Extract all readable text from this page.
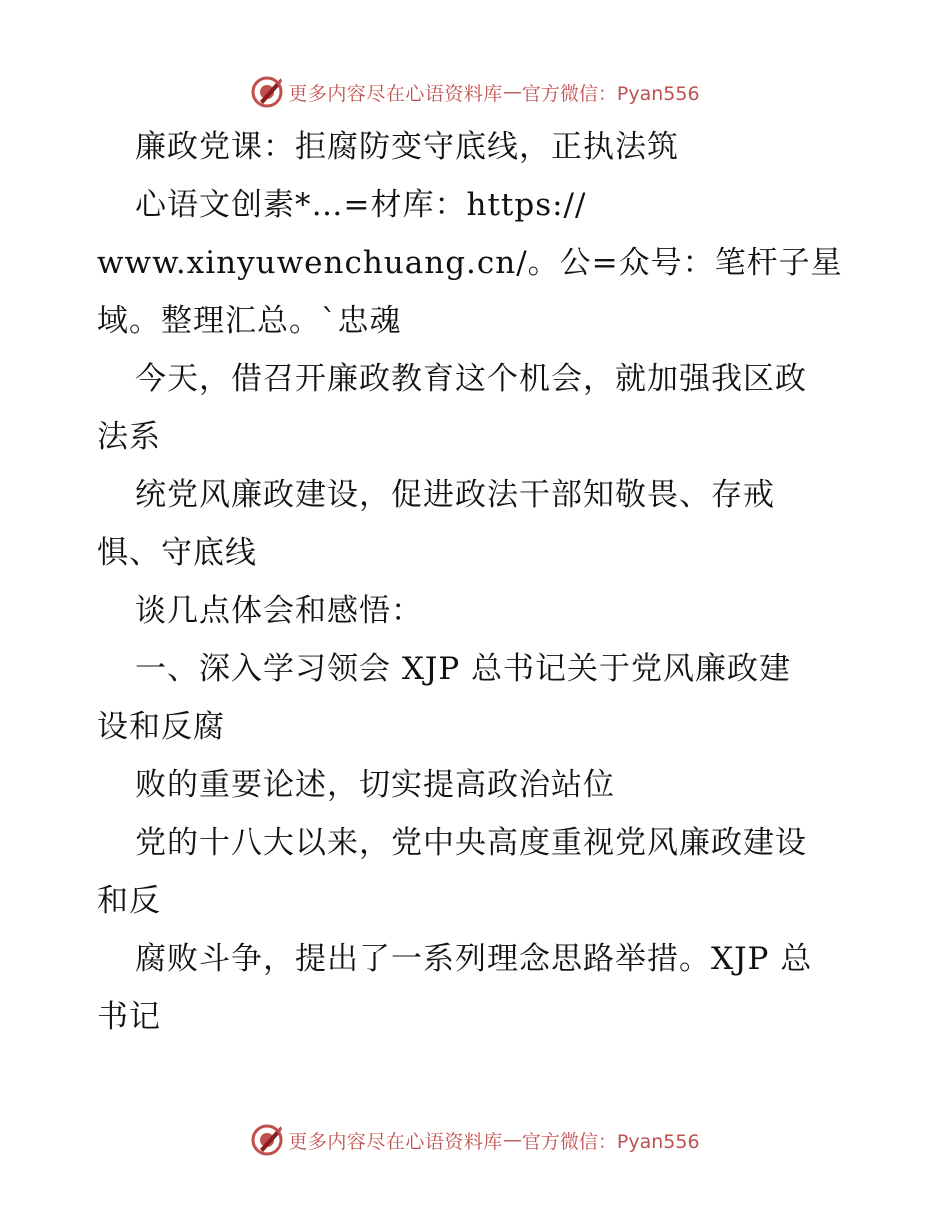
更多内容尽在心语资料库 — 官方微信：Pyan556
廉政党课：拒腐防变守底线，正执法筑
心语文创素*…=材库：https://
www.xinyuwenchuang.cn/。公=众号：笔杆子星
域。整理汇总。`忠魂
今天，借召开廉政教育这个机会，就加强我区政
法系
统党风廉政建设，促进政法干部知敬畏、存戒
惧、守底线
谈几点体会和感悟：
一、深入学习领会 XJP 总书记关于党风廉政建
设和反腐
败的重要论述，切实提高政治站位
党的十八大以来，党中央高度重视党风廉政建设
和反
腐败斗争，提出了一系列理念思路举措。XJP 总
书记
更多内容尽在心语资料库 — 官方微信：Pyan556
